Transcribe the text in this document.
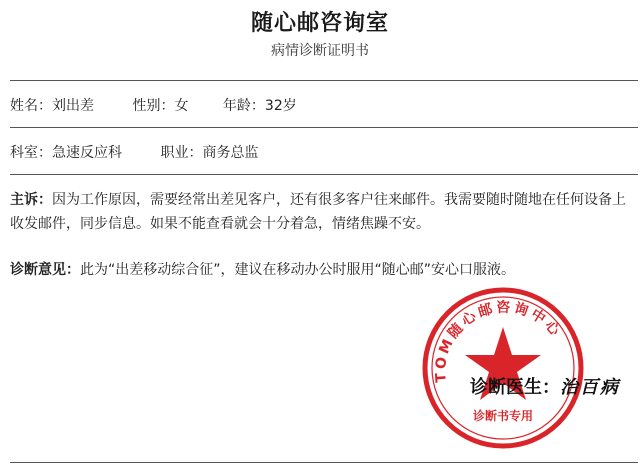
随心邮咨询室
病情诊断证明书
姓名：刘出差	性别：女 年龄：32岁
科室：急速反应科	职业：商务总监
主诉：因为工作原因，需要经常出差见客户，还有很多客户往来邮件。我需要随时随地在任何设备上收发邮件，同步信息。如果不能查看就会十分着急，情绪焦躁不安。
诊断意见：此为“出差移动综合征”，建议在移动办公时服用“随心邮”安心口服液。
TOM随心邮咨询中心
诊断书专用
诊断医生：治百病
